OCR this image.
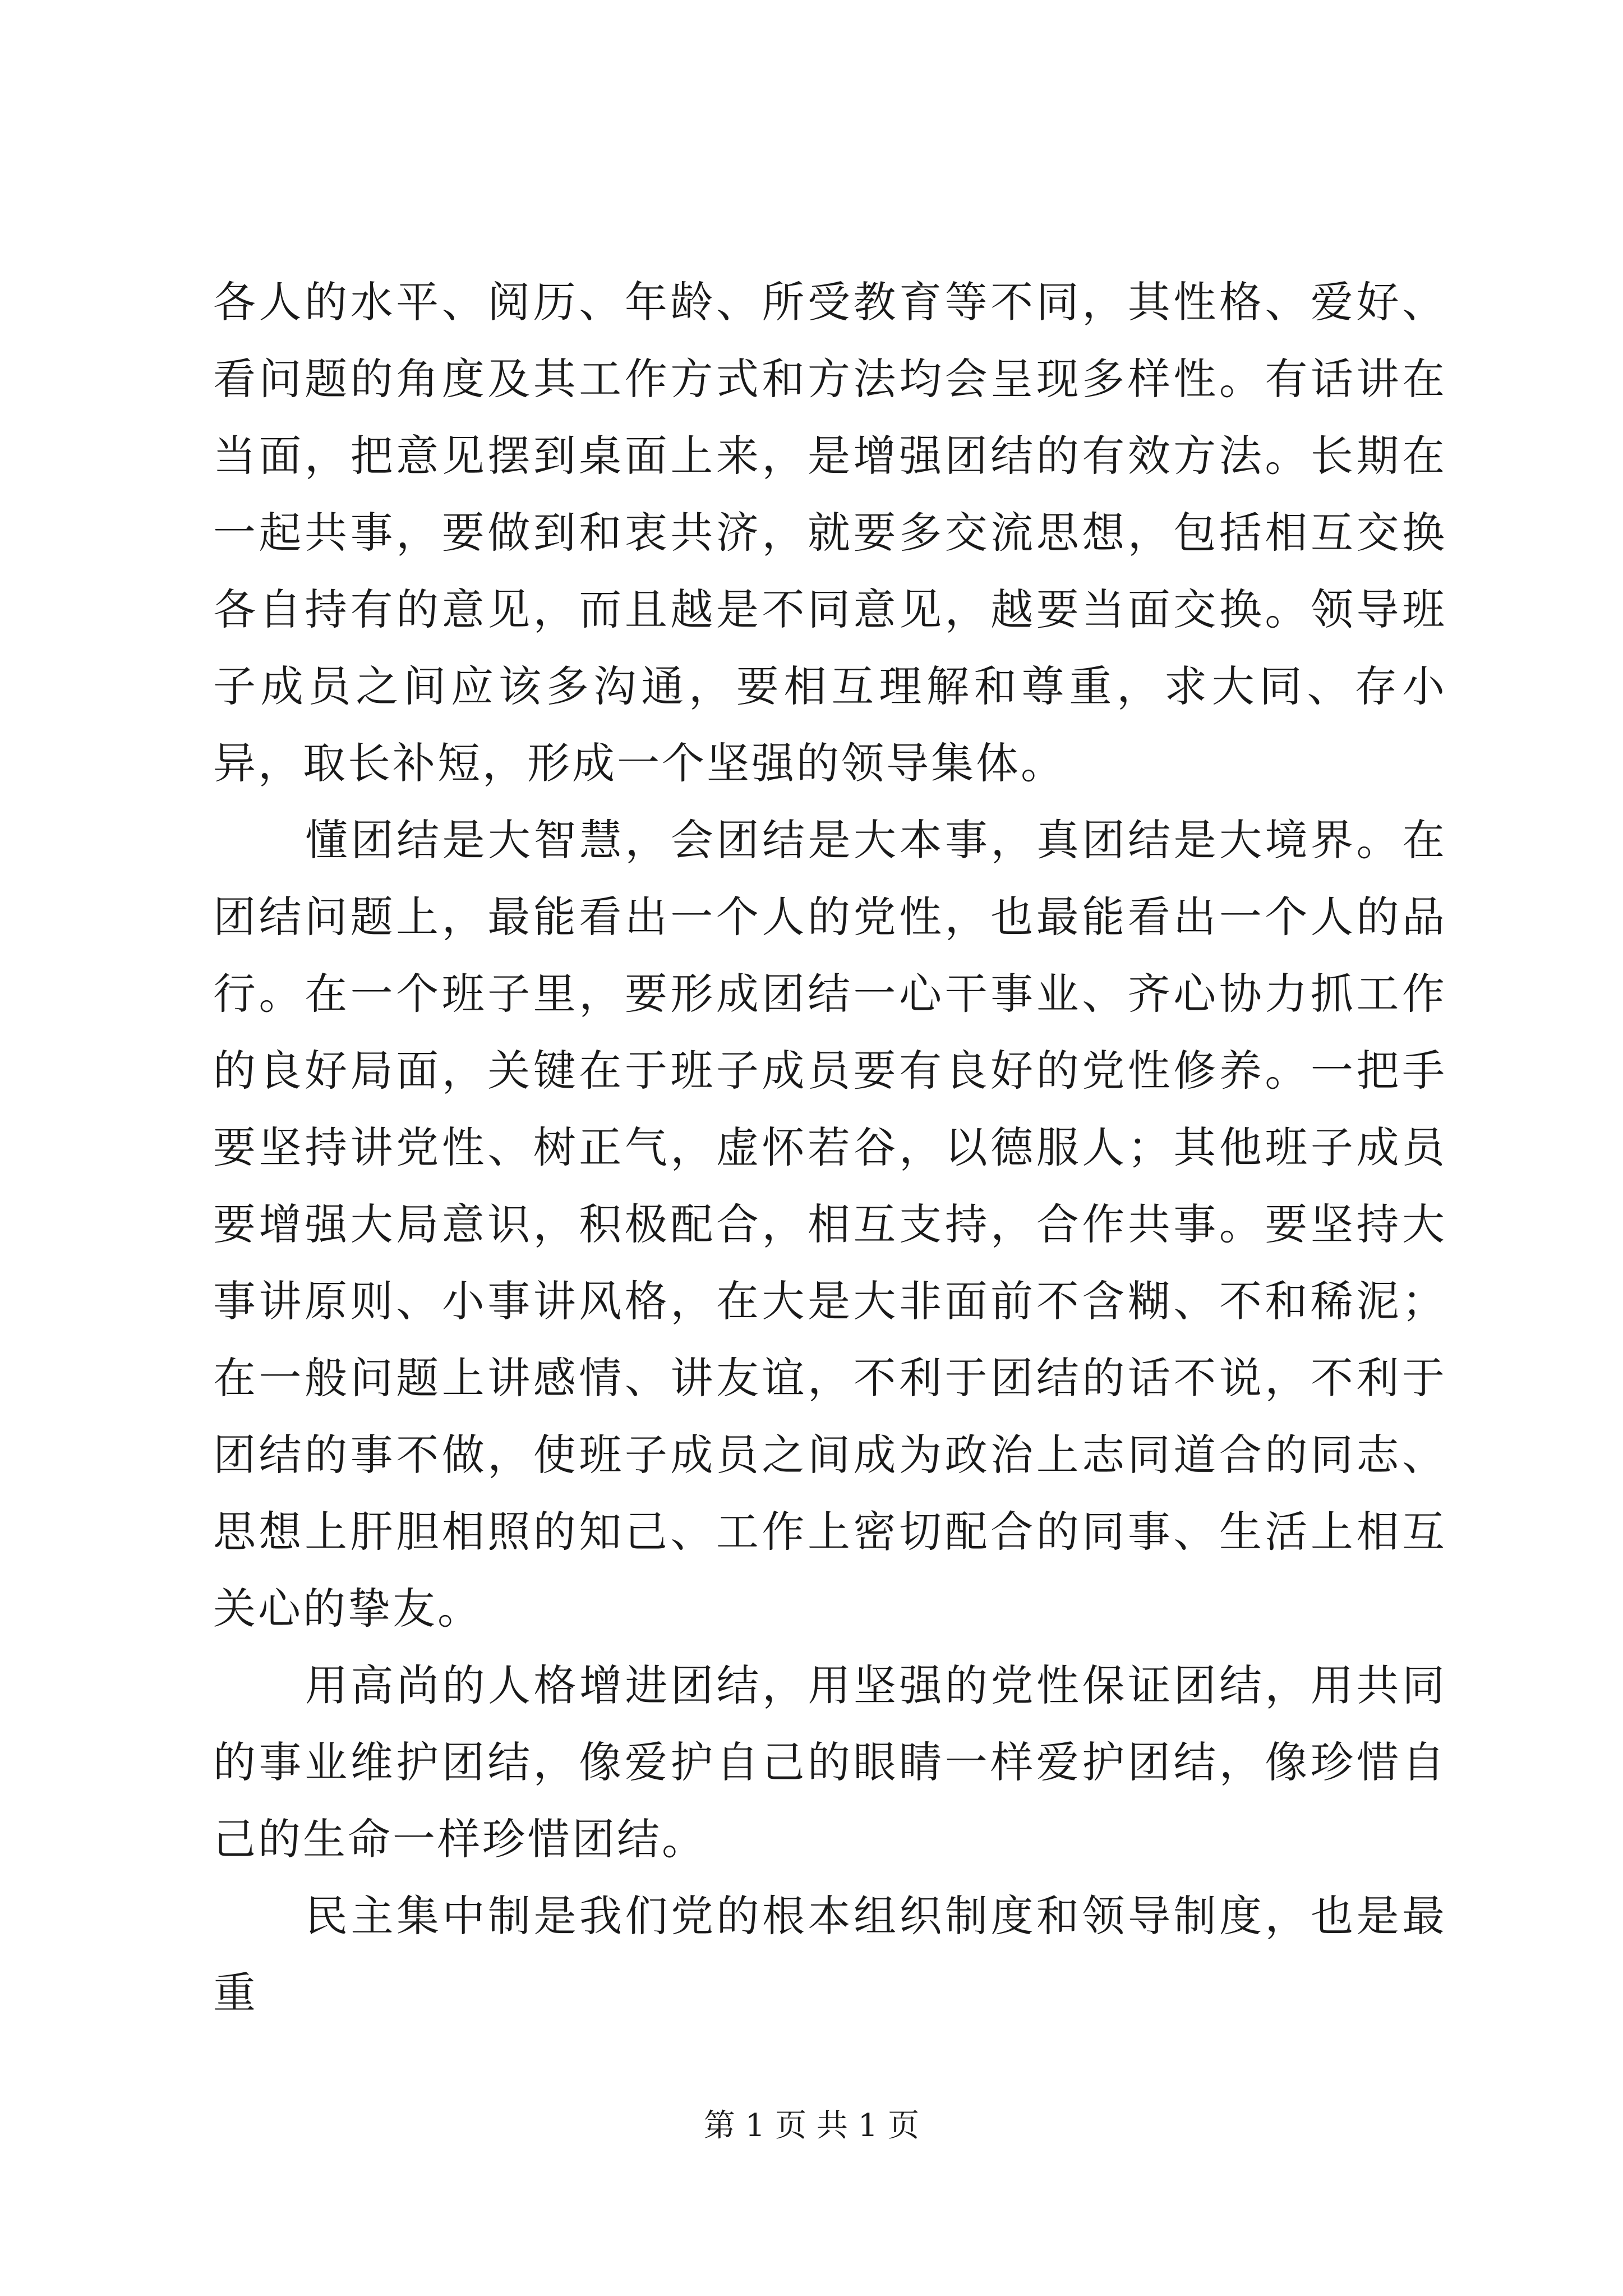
各人的水平、阅历、年龄、所受教育等不同，其性格、爱好、看问题的角度及其工作方式和方法均会呈现多样性。有话讲在当面，把意见摆到桌面上来，是增强团结的有效方法。长期在一起共事，要做到和衷共济，就要多交流思想，包括相互交换各自持有的意见，而且越是不同意见，越要当面交换。领导班子成员之间应该多沟通，要相互理解和尊重，求大同、存小异，取长补短，形成一个坚强的领导集体。

懂团结是大智慧，会团结是大本事，真团结是大境界。在团结问题上，最能看出一个人的党性，也最能看出一个人的品行。在一个班子里，要形成团结一心干事业、齐心协力抓工作的良好局面，关键在于班子成员要有良好的党性修养。一把手要坚持讲党性、树正气，虚怀若谷，以德服人；其他班子成员要增强大局意识，积极配合，相互支持，合作共事。要坚持大事讲原则、小事讲风格，在大是大非面前不含糊、不和稀泥；在一般问题上讲感情、讲友谊，不利于团结的话不说，不利于团结的事不做，使班子成员之间成为政治上志同道合的同志、思想上肝胆相照的知己、工作上密切配合的同事、生活上相互关心的挚友。

用高尚的人格增进团结，用坚强的党性保证团结，用共同的事业维护团结，像爱护自己的眼睛一样爱护团结，像珍惜自己的生命一样珍惜团结。

民主集中制是我们党的根本组织制度和领导制度，也是最重

第 1 页 共 1 页
